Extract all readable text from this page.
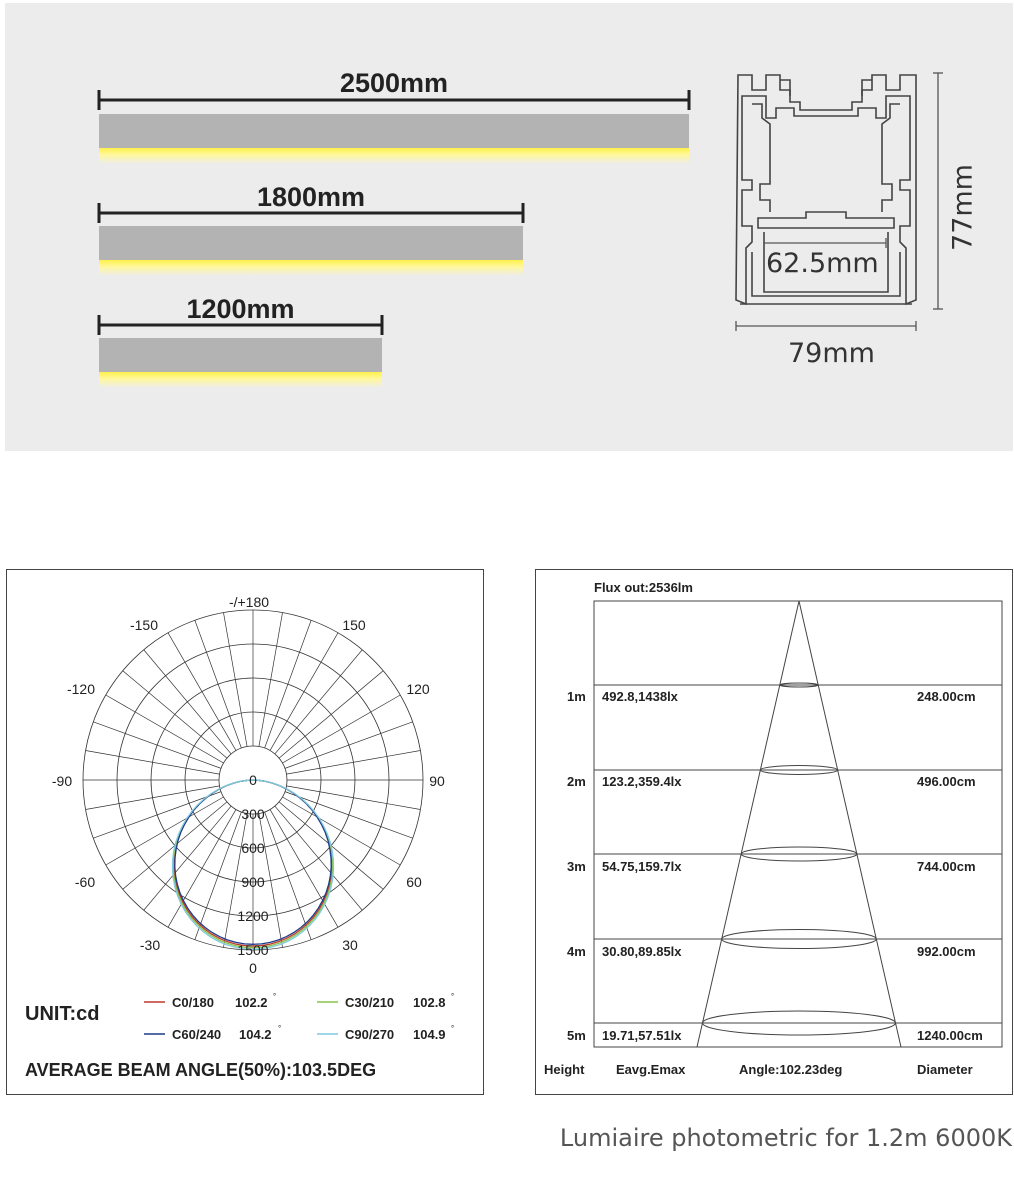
2500mm
1800mm
1200mm
77mm
62.5mm
79mm
-/+180
-150	150
-120	120
-90	90
-60	60
-30	30
0
0
300
600
900
1200
1500
UNIT:cd
C0/180 102.2	C30/210 102.8
C60/240 104.2	C90/270 104.9
°	°
°	°
AVERAGE BEAM ANGLE(50%):103.5DEG
Flux out:2536lm
1m 492.8,1438lx	248.00cm
2m 123.2,359.4lx	496.00cm
3m 54.75,159.7lx	744.00cm
4m 30.80,89.85lx	992.00cm
5m 19.71,57.51lx	1240.00cm
Height Eavg.Emax	Angle:102.23deg	Diameter
Lumiaire photometric for 1.2m 6000K
